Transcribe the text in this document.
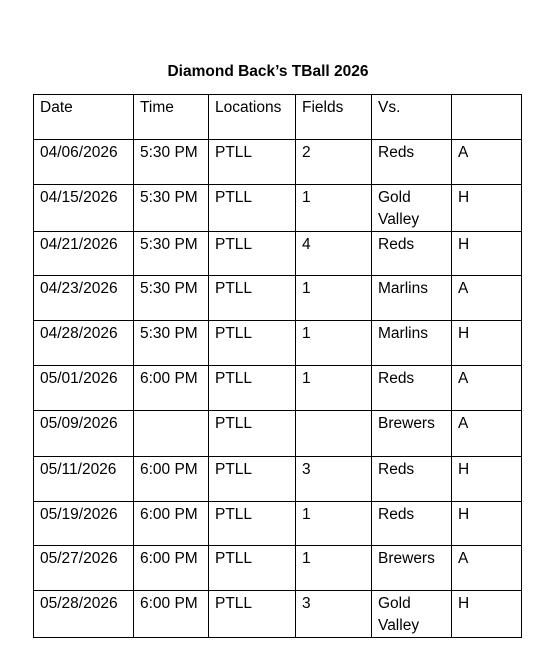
Diamond Back’s TBall 2026
Date	Time	Locations	Fields	Vs.	
04/06/2026	5:30 PM	PTLL	2	Reds	A
04/15/2026	5:30 PM	PTLL	1	Gold Valley	H
04/21/2026	5:30 PM	PTLL	4	Reds	H
04/23/2026	5:30 PM	PTLL	1	Marlins	A
04/28/2026	5:30 PM	PTLL	1	Marlins	H
05/01/2026	6:00 PM	PTLL	1	Reds	A
05/09/2026		PTLL		Brewers	A
05/11/2026	6:00 PM	PTLL	3	Reds	H
05/19/2026	6:00 PM	PTLL	1	Reds	H
05/27/2026	6:00 PM	PTLL	1	Brewers	A
05/28/2026	6:00 PM	PTLL	3	Gold Valley	H
